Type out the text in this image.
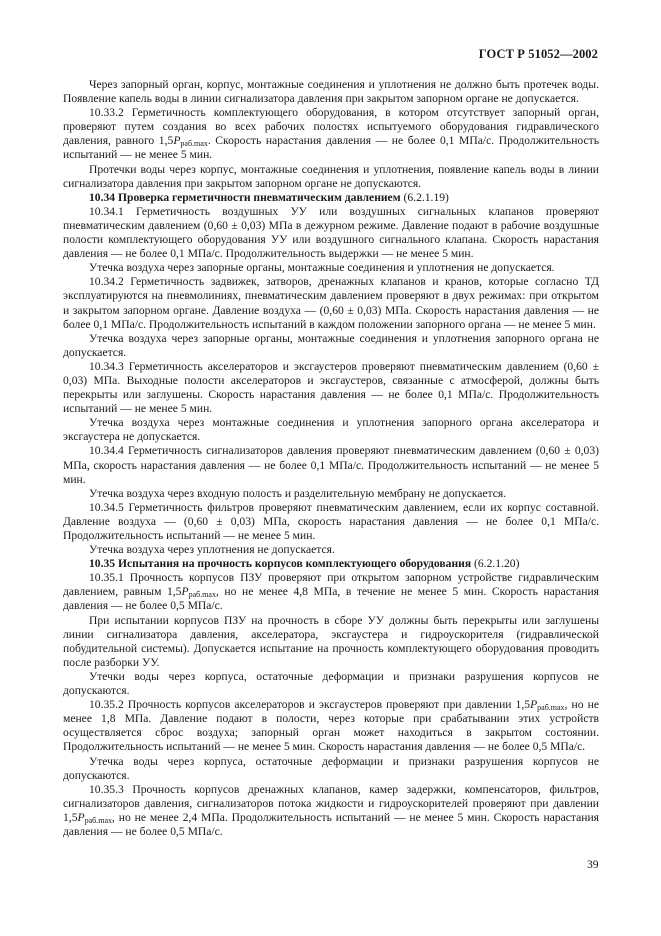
ГОСТ Р 51052—2002

Через запорный орган, корпус, монтажные соединения и уплотнения не должно быть протечек воды. Появление капель воды в линии сигнализатора давления при закрытом запорном органе не допускается.

10.33.2 Герметичность комплектующего оборудования, в котором отсутствует запорный орган, проверяют путем создания во всех рабочих полостях испытуемого оборудования гидравлического давления, равного $1,5P_{раб.max}$. Скорость нарастания давления — не более 0,1 МПа/с. Продолжительность испытаний — не менее 5 мин.

Протечки воды через корпус, монтажные соединения и уплотнения, появление капель воды в линии сигнализатора давления при закрытом запорном органе не допускаются.

10.34 Проверка герметичности пневматическим давлением (6.2.1.19)

10.34.1 Герметичность воздушных УУ или воздушных сигнальных клапанов проверяют пневматическим давлением (0,60 ± 0,03) МПа в дежурном режиме. Давление подают в рабочие воздушные полости комплектующего оборудования УУ или воздушного сигнального клапана. Скорость нарастания давления — не более 0,1 МПа/с. Продолжительность выдержки — не менее 5 мин.

Утечка воздуха через запорные органы, монтажные соединения и уплотнения не допускается.

10.34.2 Герметичность задвижек, затворов, дренажных клапанов и кранов, которые согласно ТД эксплуатируются на пневмолиниях, пневматическим давлением проверяют в двух режимах: при открытом и закрытом запорном органе. Давление воздуха — (0,60 ± 0,03) МПа. Скорость нарастания давления — не более 0,1 МПа/с. Продолжительность испытаний в каждом положении запорного органа — не менее 5 мин.

Утечка воздуха через запорные органы, монтажные соединения и уплотнения запорного органа не допускается.

10.34.3 Герметичность акселераторов и эксгаустеров проверяют пневматическим давлением (0,60 ± 0,03) МПа. Выходные полости акселераторов и эксгаустеров, связанные с атмосферой, должны быть перекрыты или заглушены. Скорость нарастания давления — не более 0,1 МПа/с. Продолжительность испытаний — не менее 5 мин.

Утечка воздуха через монтажные соединения и уплотнения запорного органа акселератора и эксгаустера не допускается.

10.34.4 Герметичность сигнализаторов давления проверяют пневматическим давлением (0,60 ± 0,03) МПа, скорость нарастания давления — не более 0,1 МПа/с. Продолжительность испытаний — не менее 5 мин.

Утечка воздуха через входную полость и разделительную мембрану не допускается.

10.34.5 Герметичность фильтров проверяют пневматическим давлением, если их корпус составной. Давление воздуха — (0,60 ± 0,03) МПа, скорость нарастания давления — не более 0,1 МПа/с. Продолжительность испытаний — не менее 5 мин.

Утечка воздуха через уплотнения не допускается.

10.35 Испытания на прочность корпусов комплектующего оборудования (6.2.1.20)

10.35.1 Прочность корпусов ПЗУ проверяют при открытом запорном устройстве гидравлическим давлением, равным $1,5P_{раб.max}$, но не менее 4,8 МПа, в течение не менее 5 мин. Скорость нарастания давления — не более 0,5 МПа/с.

При испытании корпусов ПЗУ на прочность в сборе УУ должны быть перекрыты или заглушены линии сигнализатора давления, акселератора, эксгаустера и гидроускорителя (гидравлической побудительной системы). Допускается испытание на прочность комплектующего оборудования проводить после разборки УУ.

Утечки воды через корпуса, остаточные деформации и признаки разрушения корпусов не допускаются.

10.35.2 Прочность корпусов акселераторов и эксгаустеров проверяют при давлении $1,5P_{раб.max}$, но не менее 1,8 МПа. Давление подают в полости, через которые при срабатывании этих устройств осуществляется сброс воздуха; запорный орган может находиться в закрытом состоянии. Продолжительность испытаний — не менее 5 мин. Скорость нарастания давления — не более 0,5 МПа/с.

Утечка воды через корпуса, остаточные деформации и признаки разрушения корпусов не допускаются.

10.35.3 Прочность корпусов дренажных клапанов, камер задержки, компенсаторов, фильтров, сигнализаторов давления, сигнализаторов потока жидкости и гидроускорителей проверяют при давлении $1,5P_{раб.max}$, но не менее 2,4 МПа. Продолжительность испытаний — не менее 5 мин. Скорость нарастания давления — не более 0,5 МПа/с.

39
